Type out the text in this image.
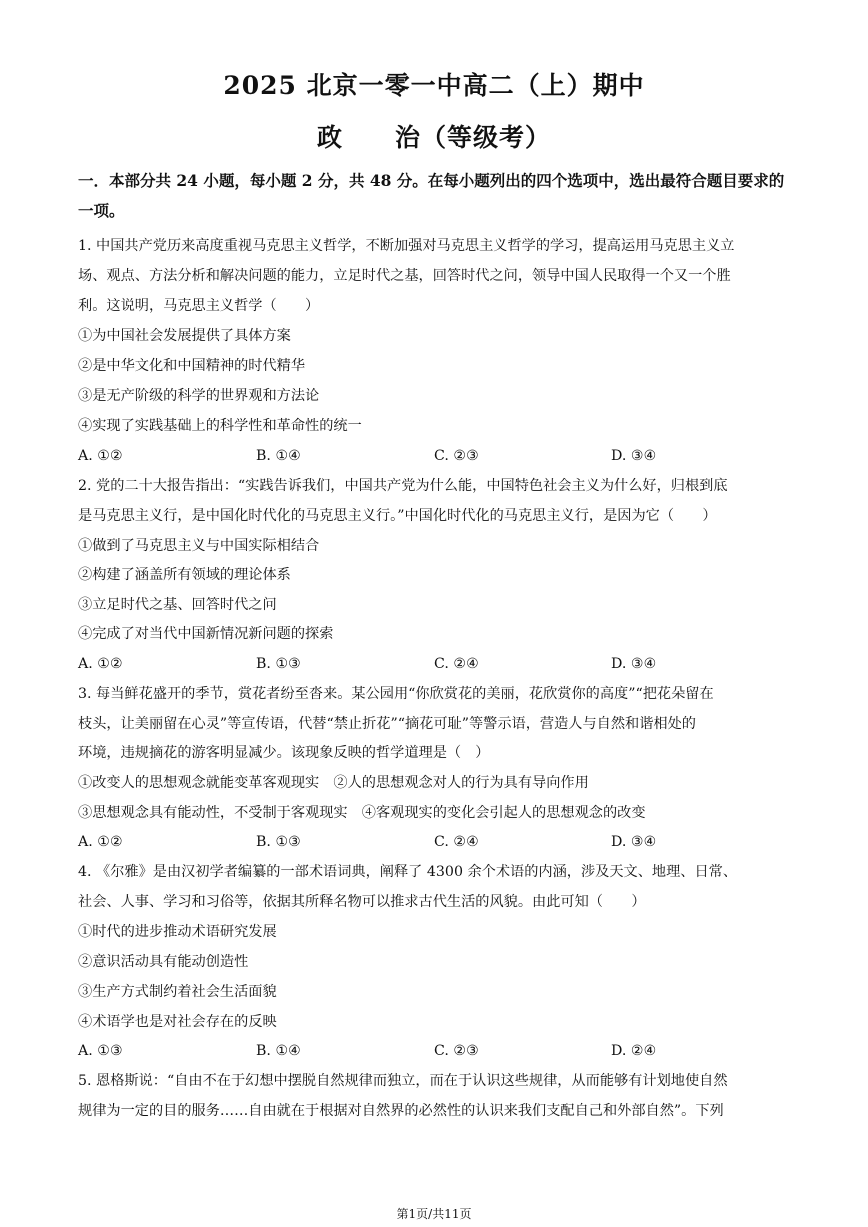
2025 北京一零一中高二（上）期中
政　　治（等级考）
一．本部分共 24 小题，每小题 2 分，共 48 分。在每小题列出的四个选项中，选出最符合题目要求的一项。
1. 中国共产党历来高度重视马克思主义哲学，不断加强对马克思主义哲学的学习，提高运用马克思主义立
场、观点、方法分析和解决问题的能力，立足时代之基，回答时代之问，领导中国人民取得一个又一个胜
利。这说明，马克思主义哲学（　　）
①为中国社会发展提供了具体方案
②是中华文化和中国精神的时代精华
③是无产阶级的科学的世界观和方法论
④实现了实践基础上的科学性和革命性的统一
A. ①②	B. ①④	C. ②③	D. ③④
2. 党的二十大报告指出：“实践告诉我们，中国共产党为什么能，中国特色社会主义为什么好，归根到底
是马克思主义行，是中国化时代化的马克思主义行。”中国化时代化的马克思主义行，是因为它（　　）
①做到了马克思主义与中国实际相结合
②构建了涵盖所有领域的理论体系
③立足时代之基、回答时代之问
④完成了对当代中国新情况新问题的探索
A. ①②	B. ①③	C. ②④	D. ③④
3. 每当鲜花盛开的季节，赏花者纷至沓来。某公园用“你欣赏花的美丽，花欣赏你的高度”“把花朵留在
枝头，让美丽留在心灵”等宣传语，代替“禁止折花”“摘花可耻”等警示语，营造人与自然和谐相处的
环境，违规摘花的游客明显减少。该现象反映的哲学道理是（　）
①改变人的思想观念就能变革客观现实　②人的思想观念对人的行为具有导向作用
③思想观念具有能动性，不受制于客观现实　④客观现实的变化会引起人的思想观念的改变
A. ①②	B. ①③	C. ②④	D. ③④
4. 《尔雅》是由汉初学者编纂的一部术语词典，阐释了 4300 余个术语的内涵，涉及天文、地理、日常、
社会、人事、学习和习俗等，依据其所释名物可以推求古代生活的风貌。由此可知（　　）
①时代的进步推动术语研究发展
②意识活动具有能动创造性
③生产方式制约着社会生活面貌
④术语学也是对社会存在的反映
A. ①③	B. ①④	C. ②③	D. ②④
5. 恩格斯说：“自由不在于幻想中摆脱自然规律而独立，而在于认识这些规律，从而能够有计划地使自然
规律为一定的目的服务……自由就在于根据对自然界的必然性的认识来我们支配自己和外部自然”。下列
第1页/共11页
